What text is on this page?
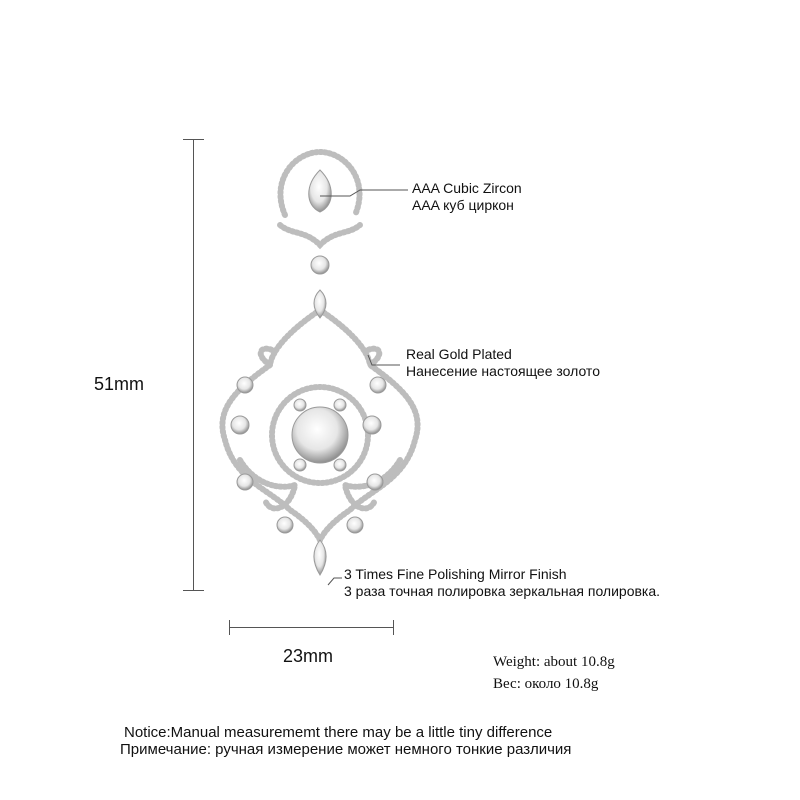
51mm
23mm
AAA Cubic Zircon
AAA куб циркон
Real Gold Plated
Нанесение настоящее золото
3 Times Fine Polishing Mirror Finish
3 раза точная полировка зеркальная полировка.
Weight: about 10.8g
Вес: около 10.8g
Notice:Manual measurememt there may be a little tiny difference
Примечание: ручная измерение может немного тонкие различия
